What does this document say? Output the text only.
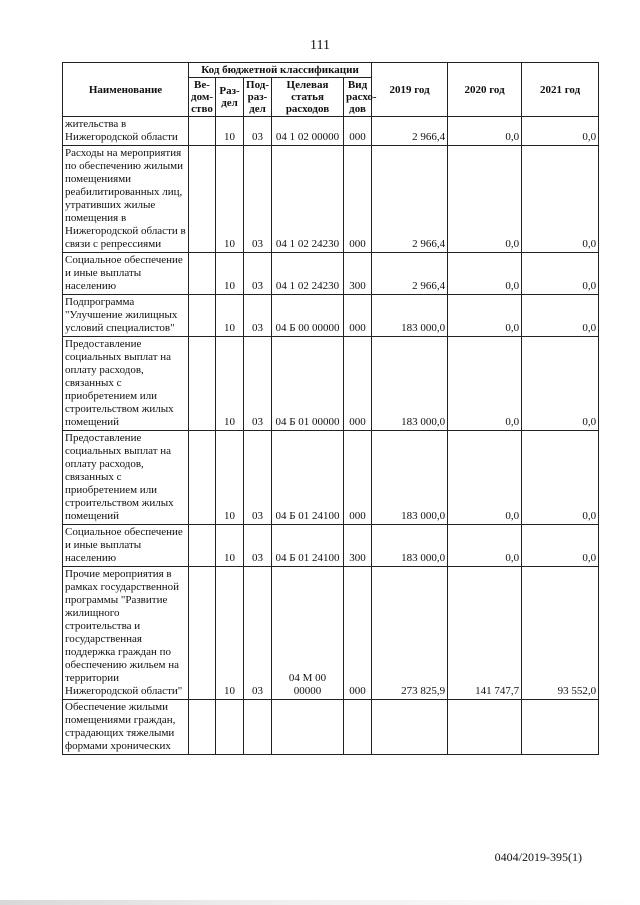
111
Наименование	Код бюджетной классификации					2019 год	2020 год	2021 год
	Ве- дом- ство	Раз- дел	Под- раз- дел	Целевая статья расходов	Вид расхо- дов			
жительства в Нижегородской области		10	03	04 1 02 00000	000	2 966,4	0,0	0,0
Расходы на мероприятия по обеспечению жилыми помещениями реабилитированных лиц, утративших жилые помещения в Нижегородской области в связи с репрессиями		10	03	04 1 02 24230	000	2 966,4	0,0	0,0
Социальное обеспечение и иные выплаты населению		10	03	04 1 02 24230	300	2 966,4	0,0	0,0
Подпрограмма "Улучшение жилищных условий специалистов"		10	03	04 Б 00 00000	000	183 000,0	0,0	0,0
Предоставление социальных выплат на оплату расходов, связанных с приобретением или строительством жилых помещений		10	03	04 Б 01 00000	000	183 000,0	0,0	0,0
Предоставление социальных выплат на оплату расходов, связанных с приобретением или строительством жилых помещений		10	03	04 Б 01 24100	000	183 000,0	0,0	0,0
Социальное обеспечение и иные выплаты населению		10	03	04 Б 01 24100	300	183 000,0	0,0	0,0
Прочие мероприятия в рамках государственной программы "Развитие жилищного строительства и государственная поддержка граждан по обеспечению жильем на территории Нижегородской области"		10	03	04 М 00 00000	000	273 825,9	141 747,7	93 552,0
Обеспечение жилыми помещениями граждан, страдающих тяжелыми формами хронических								
0404/2019-395(1)
